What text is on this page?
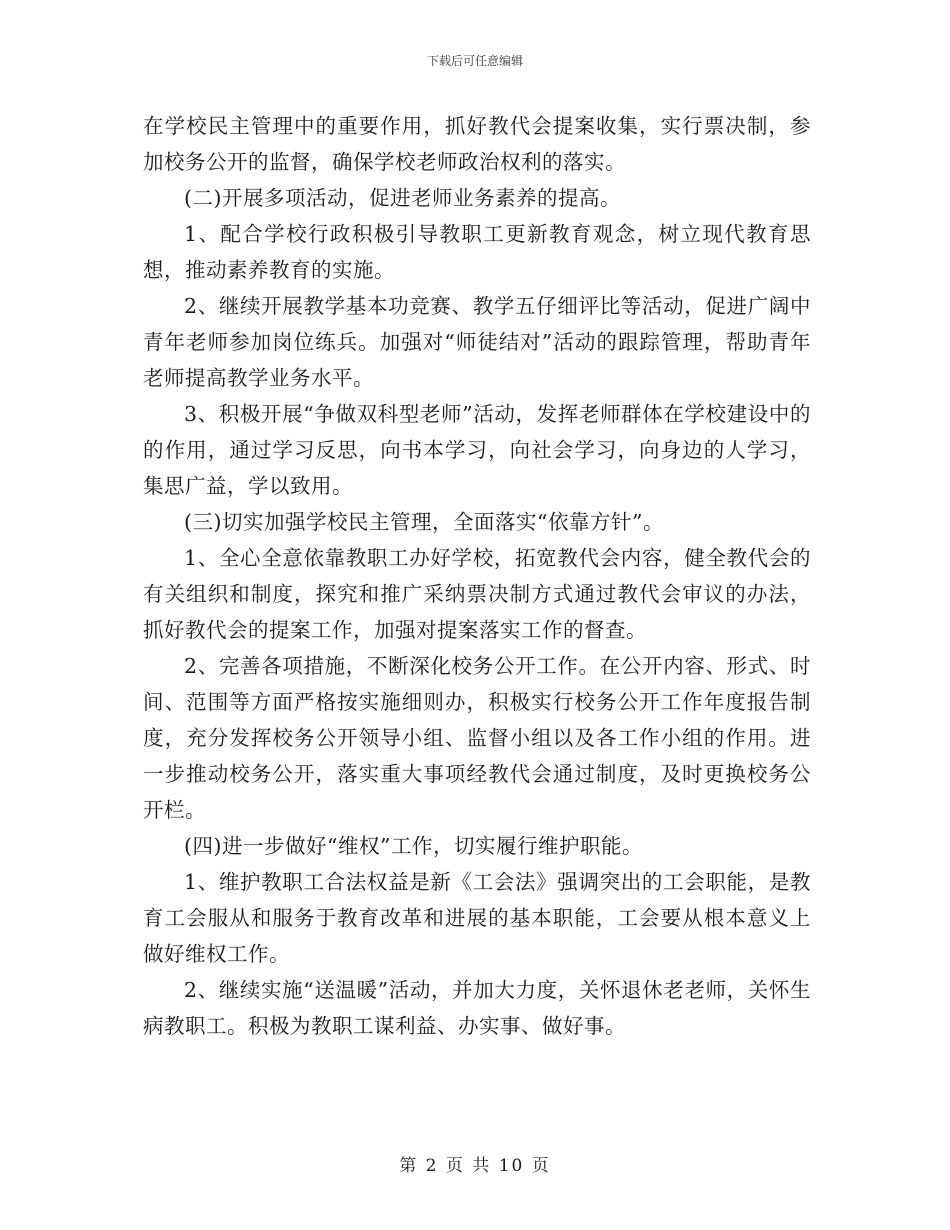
下载后可任意编辑

在学校民主管理中的重要作用，抓好教代会提案收集，实行票决制，参加校务公开的监督，确保学校老师政治权利的落实。

(二)开展多项活动，促进老师业务素养的提高。

1、配合学校行政积极引导教职工更新教育观念，树立现代教育思想，推动素养教育的实施。

2、继续开展教学基本功竞赛、教学五仔细评比等活动，促进广阔中青年老师参加岗位练兵。加强对“师徒结对”活动的跟踪管理，帮助青年老师提高教学业务水平。

3、积极开展“争做双科型老师”活动，发挥老师群体在学校建设中的的作用，通过学习反思，向书本学习，向社会学习，向身边的人学习，集思广益，学以致用。

(三)切实加强学校民主管理，全面落实“依靠方针”。

1、全心全意依靠教职工办好学校，拓宽教代会内容，健全教代会的有关组织和制度，探究和推广采纳票决制方式通过教代会审议的办法，抓好教代会的提案工作，加强对提案落实工作的督查。

2、完善各项措施，不断深化校务公开工作。在公开内容、形式、时间、范围等方面严格按实施细则办，积极实行校务公开工作年度报告制度，充分发挥校务公开领导小组、监督小组以及各工作小组的作用。进一步推动校务公开，落实重大事项经教代会通过制度，及时更换校务公开栏。

(四)进一步做好“维权”工作，切实履行维护职能。

1、维护教职工合法权益是新《工会法》强调突出的工会职能，是教育工会服从和服务于教育改革和进展的基本职能，工会要从根本意义上做好维权工作。

2、继续实施“送温暖”活动，并加大力度，关怀退休老老师，关怀生病教职工。积极为教职工谋利益、办实事、做好事。

第 2 页 共 10 页
